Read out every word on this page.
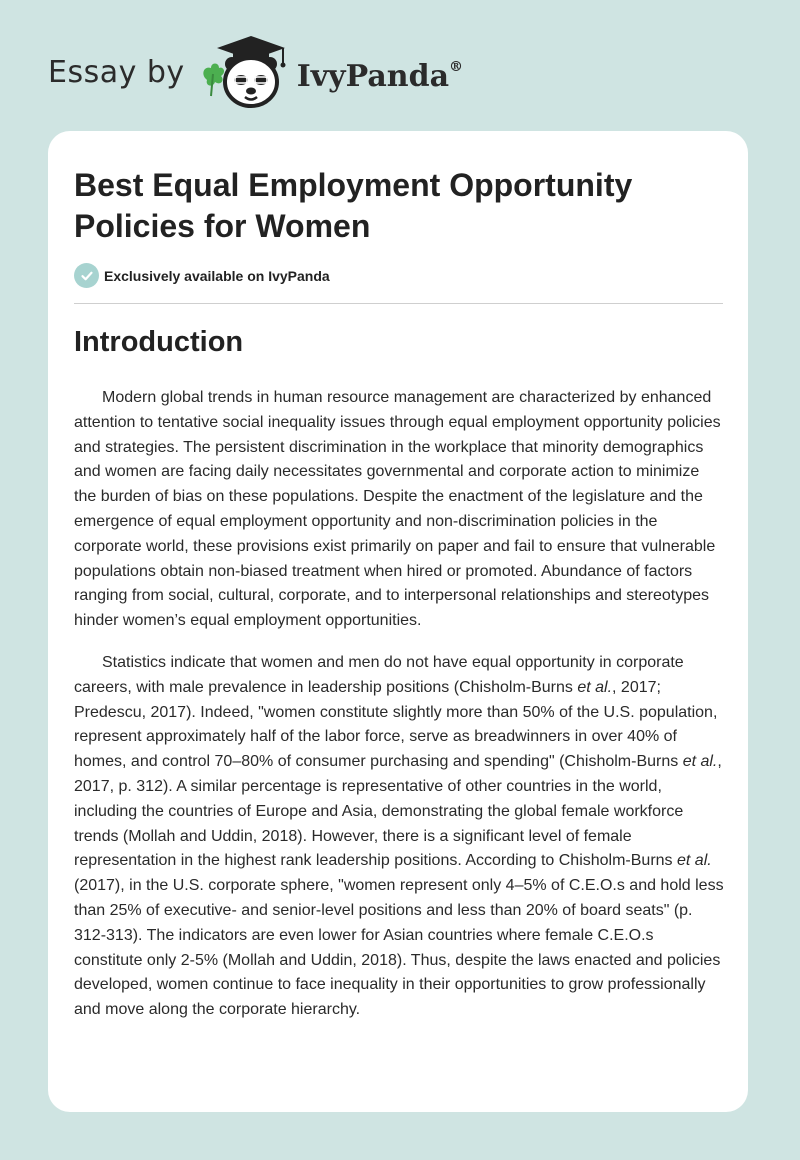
Essay by	IvyPanda®
Best Equal Employment Opportunity Policies for Women
Exclusively available on IvyPanda
Introduction

Modern global trends in human resource management are characterized by enhanced attention to tentative social inequality issues through equal employment opportunity policies and strategies. The persistent discrimination in the workplace that minority demographics and women are facing daily necessitates governmental and corporate action to minimize the burden of bias on these populations. Despite the enactment of the legislature and the emergence of equal employment opportunity and non-discrimination policies in the corporate world, these provisions exist primarily on paper and fail to ensure that vulnerable populations obtain non-biased treatment when hired or promoted. Abundance of factors ranging from social, cultural, corporate, and to interpersonal relationships and stereotypes hinder women’s equal employment opportunities.

Statistics indicate that women and men do not have equal opportunity in corporate careers, with male prevalence in leadership positions (Chisholm-Burns et al., 2017; Predescu, 2017). Indeed, "women constitute slightly more than 50% of the U.S. population, represent approximately half of the labor force, serve as breadwinners in over 40% of homes, and control 70–80% of consumer purchasing and spending" (Chisholm-Burns et al., 2017, p. 312). A similar percentage is representative of other countries in the world, including the countries of Europe and Asia, demonstrating the global female workforce trends (Mollah and Uddin, 2018). However, there is a significant level of female representation in the highest rank leadership positions. According to Chisholm-Burns et al. (2017), in the U.S. corporate sphere, "women represent only 4–5% of C.E.O.s and hold less than 25% of executive- and senior-level positions and less than 20% of board seats" (p. 312-313). The indicators are even lower for Asian countries where female C.E.O.s constitute only 2-5% (Mollah and Uddin, 2018). Thus, despite the laws enacted and policies developed, women continue to face inequality in their opportunities to grow professionally and move along the corporate hierarchy.
